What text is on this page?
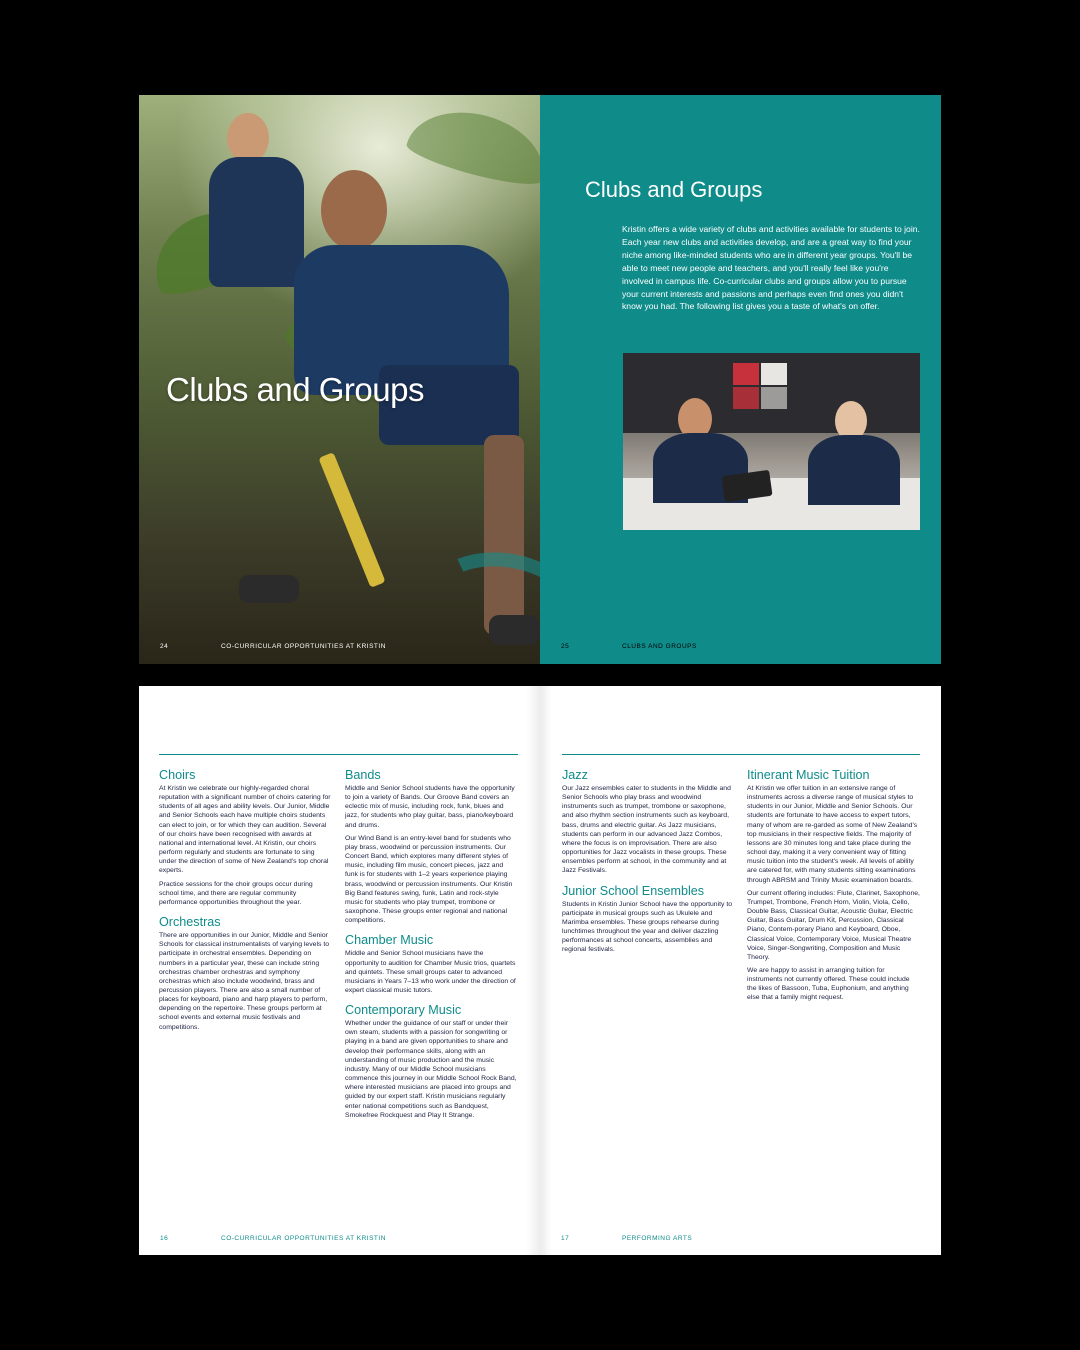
Clubs and Groups
24	CO-CURRICULAR OPPORTUNITIES AT KRISTIN
Clubs and Groups

Kristin offers a wide variety of clubs and activities available for students to join. Each year new clubs and activities develop, and are a great way to find your niche among like-minded students who are in different year groups. You'll be able to meet new people and teachers, and you'll really feel like you're involved in campus life. Co-curricular clubs and groups allow you to pursue your current interests and passions and perhaps even find ones you didn't know you had. The following list gives you a taste of what's on offer.

25	CLUBS AND GROUPS
Choirs

At Kristin we celebrate our highly-regarded choral reputation with a significant number of choirs catering for students of all ages and ability levels. Our Junior, Middle and Senior Schools each have multiple choirs students can elect to join, or for which they can audition. Several of our choirs have been recognised with awards at national and international level. At Kristin, our choirs perform regularly and students are fortunate to sing under the direction of some of New Zealand's top choral experts.

Practice sessions for the choir groups occur during school time, and there are regular community performance opportunities throughout the year.

Orchestras

There are opportunities in our Junior, Middle and Senior Schools for classical instrumentalists of varying levels to participate in orchestral ensembles. Depending on numbers in a particular year, these can include string orchestras chamber orchestras and symphony orchestras which also include woodwind, brass and percussion players. There are also a small number of places for keyboard, piano and harp players to perform, depending on the repertoire. These groups perform at school events and external music festivals and competitions.

Bands

Middle and Senior School students have the opportunity to join a variety of Bands. Our Groove Band covers an eclectic mix of music, including rock, funk, blues and jazz, for students who play guitar, bass, piano/keyboard and drums.

Our Wind Band is an entry-level band for students who play brass, woodwind or percussion instruments. Our Concert Band, which explores many different styles of music, including film music, concert pieces, jazz and funk is for students with 1–2 years experience playing brass, woodwind or percussion instruments. Our Kristin Big Band features swing, funk, Latin and rock-style music for students who play trumpet, trombone or saxophone. These groups enter regional and national competitions.

Chamber Music

Middle and Senior School musicians have the opportunity to audition for Chamber Music trios, quartets and quintets. These small groups cater to advanced musicians in Years 7–13 who work under the direction of expert classical music tutors.

Contemporary Music

Whether under the guidance of our staff or under their own steam, students with a passion for songwriting or playing in a band are given opportunities to share and develop their performance skills, along with an understanding of music production and the music industry. Many of our Middle School musicians commence this journey in our Middle School Rock Band, where interested musicians are placed into groups and guided by our expert staff. Kristin musicians regularly enter national competitions such as Bandquest, Smokefree Rockquest and Play It Strange.

16	CO-CURRICULAR OPPORTUNITIES AT KRISTIN
Jazz

Our Jazz ensembles cater to students in the Middle and Senior Schools who play brass and woodwind instruments such as trumpet, trombone or saxophone, and also rhythm section instruments such as keyboard, bass, drums and electric guitar. As Jazz musicians, students can perform in our advanced Jazz Combos, where the focus is on improvisation. There are also opportunities for Jazz vocalists in these groups. These ensembles perform at school, in the community and at Jazz Festivals.

Junior School Ensembles

Students in Kristin Junior School have the opportunity to participate in musical groups such as Ukulele and Marimba ensembles. These groups rehearse during lunchtimes throughout the year and deliver dazzling performances at school concerts, assemblies and regional festivals.

Itinerant Music Tuition

At Kristin we offer tuition in an extensive range of instruments across a diverse range of musical styles to students in our Junior, Middle and Senior Schools. Our students are fortunate to have access to expert tutors, many of whom are re-garded as some of New Zealand's top musicians in their respective fields. The majority of lessons are 30 minutes long and take place during the school day, making it a very convenient way of fitting music tuition into the student's week. All levels of ability are catered for, with many students sitting examinations through ABRSM and Trinity Music examination boards.

Our current offering includes: Flute, Clarinet, Saxophone, Trumpet, Trombone, French Horn, Violin, Viola, Cello, Double Bass, Classical Guitar, Acoustic Guitar, Electric Guitar, Bass Guitar, Drum Kit, Percussion, Classical Piano, Contem-porary Piano and Keyboard, Oboe, Classical Voice, Contemporary Voice, Musical Theatre Voice, Singer-Songwriting, Composition and Music Theory.

We are happy to assist in arranging tuition for instruments not currently offered. These could include the likes of Bassoon, Tuba, Euphonium, and anything else that a family might request.

17	PERFORMING ARTS
